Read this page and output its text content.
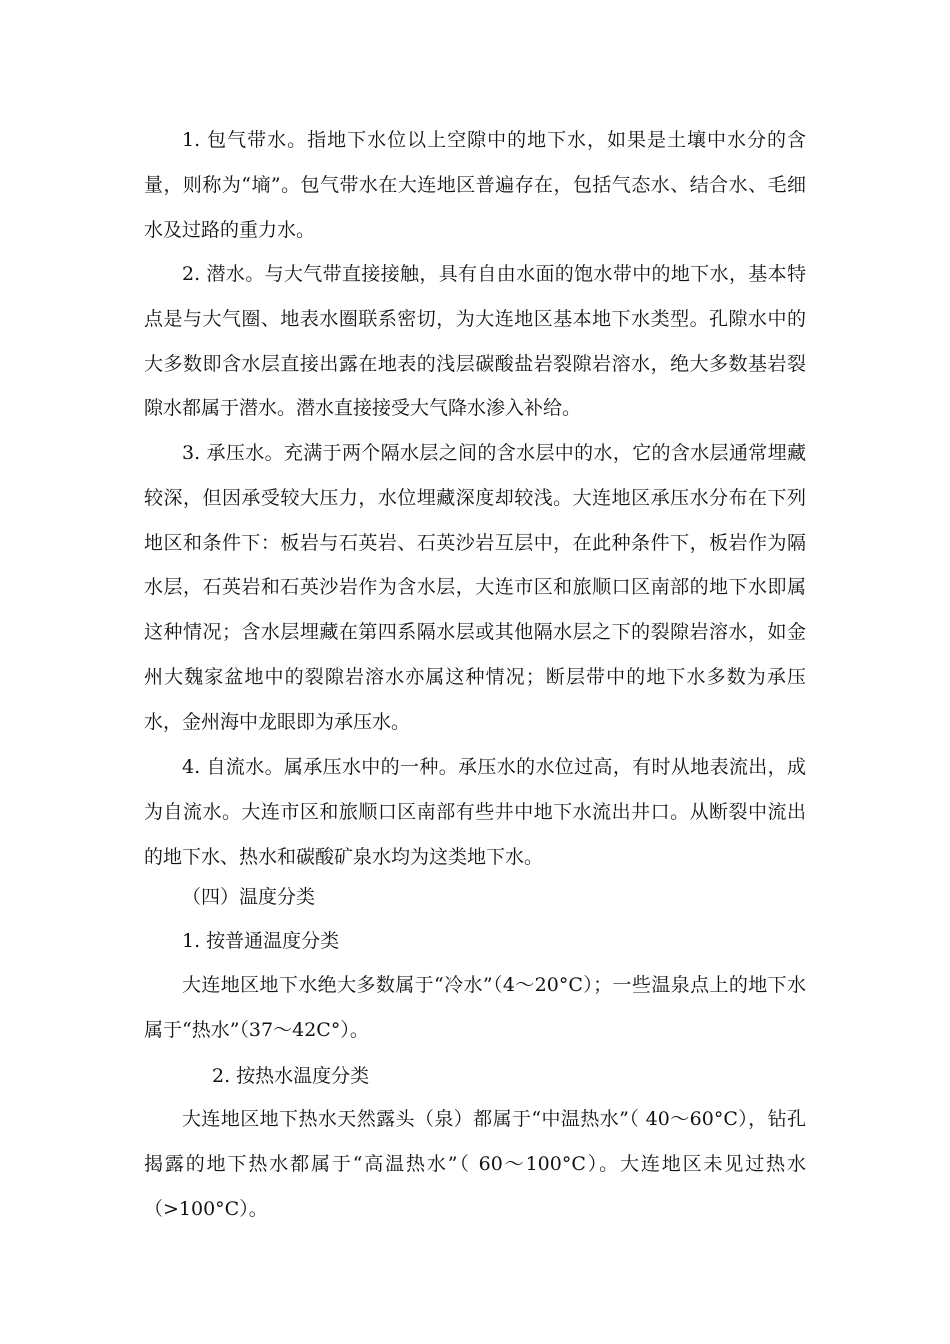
1. 包气带水。指地下水位以上空隙中的地下水，如果是土壤中水分的含量，则称为“墒”。包气带水在大连地区普遍存在，包括气态水、结合水、毛细水及过路的重力水。

2. 潜水。与大气带直接接触，具有自由水面的饱水带中的地下水，基本特点是与大气圈、地表水圈联系密切，为大连地区基本地下水类型。孔隙水中的大多数即含水层直接出露在地表的浅层碳酸盐岩裂隙岩溶水，绝大多数基岩裂隙水都属于潜水。潜水直接接受大气降水渗入补给。

3. 承压水。充满于两个隔水层之间的含水层中的水，它的含水层通常埋藏较深，但因承受较大压力，水位埋藏深度却较浅。大连地区承压水分布在下列地区和条件下：板岩与石英岩、石英沙岩互层中，在此种条件下，板岩作为隔水层，石英岩和石英沙岩作为含水层，大连市区和旅顺口区南部的地下水即属这种情况；含水层埋藏在第四系隔水层或其他隔水层之下的裂隙岩溶水，如金州大魏家盆地中的裂隙岩溶水亦属这种情况；断层带中的地下水多数为承压水，金州海中龙眼即为承压水。

4. 自流水。属承压水中的一种。承压水的水位过高，有时从地表流出，成为自流水。大连市区和旅顺口区南部有些井中地下水流出井口。从断裂中流出的地下水、热水和碳酸矿泉水均为这类地下水。

（四）温度分类

1. 按普通温度分类

大连地区地下水绝大多数属于“冷水”（4～20°C）；一些温泉点上的地下水属于“热水”（37～42C°）。

2. 按热水温度分类

大连地区地下热水天然露头（泉）都属于“中温热水”（ 40～60°C），钻孔揭露的地下热水都属于“高温热水”（ 60～100°C）。大连地区未见过热水（>100°C）。
